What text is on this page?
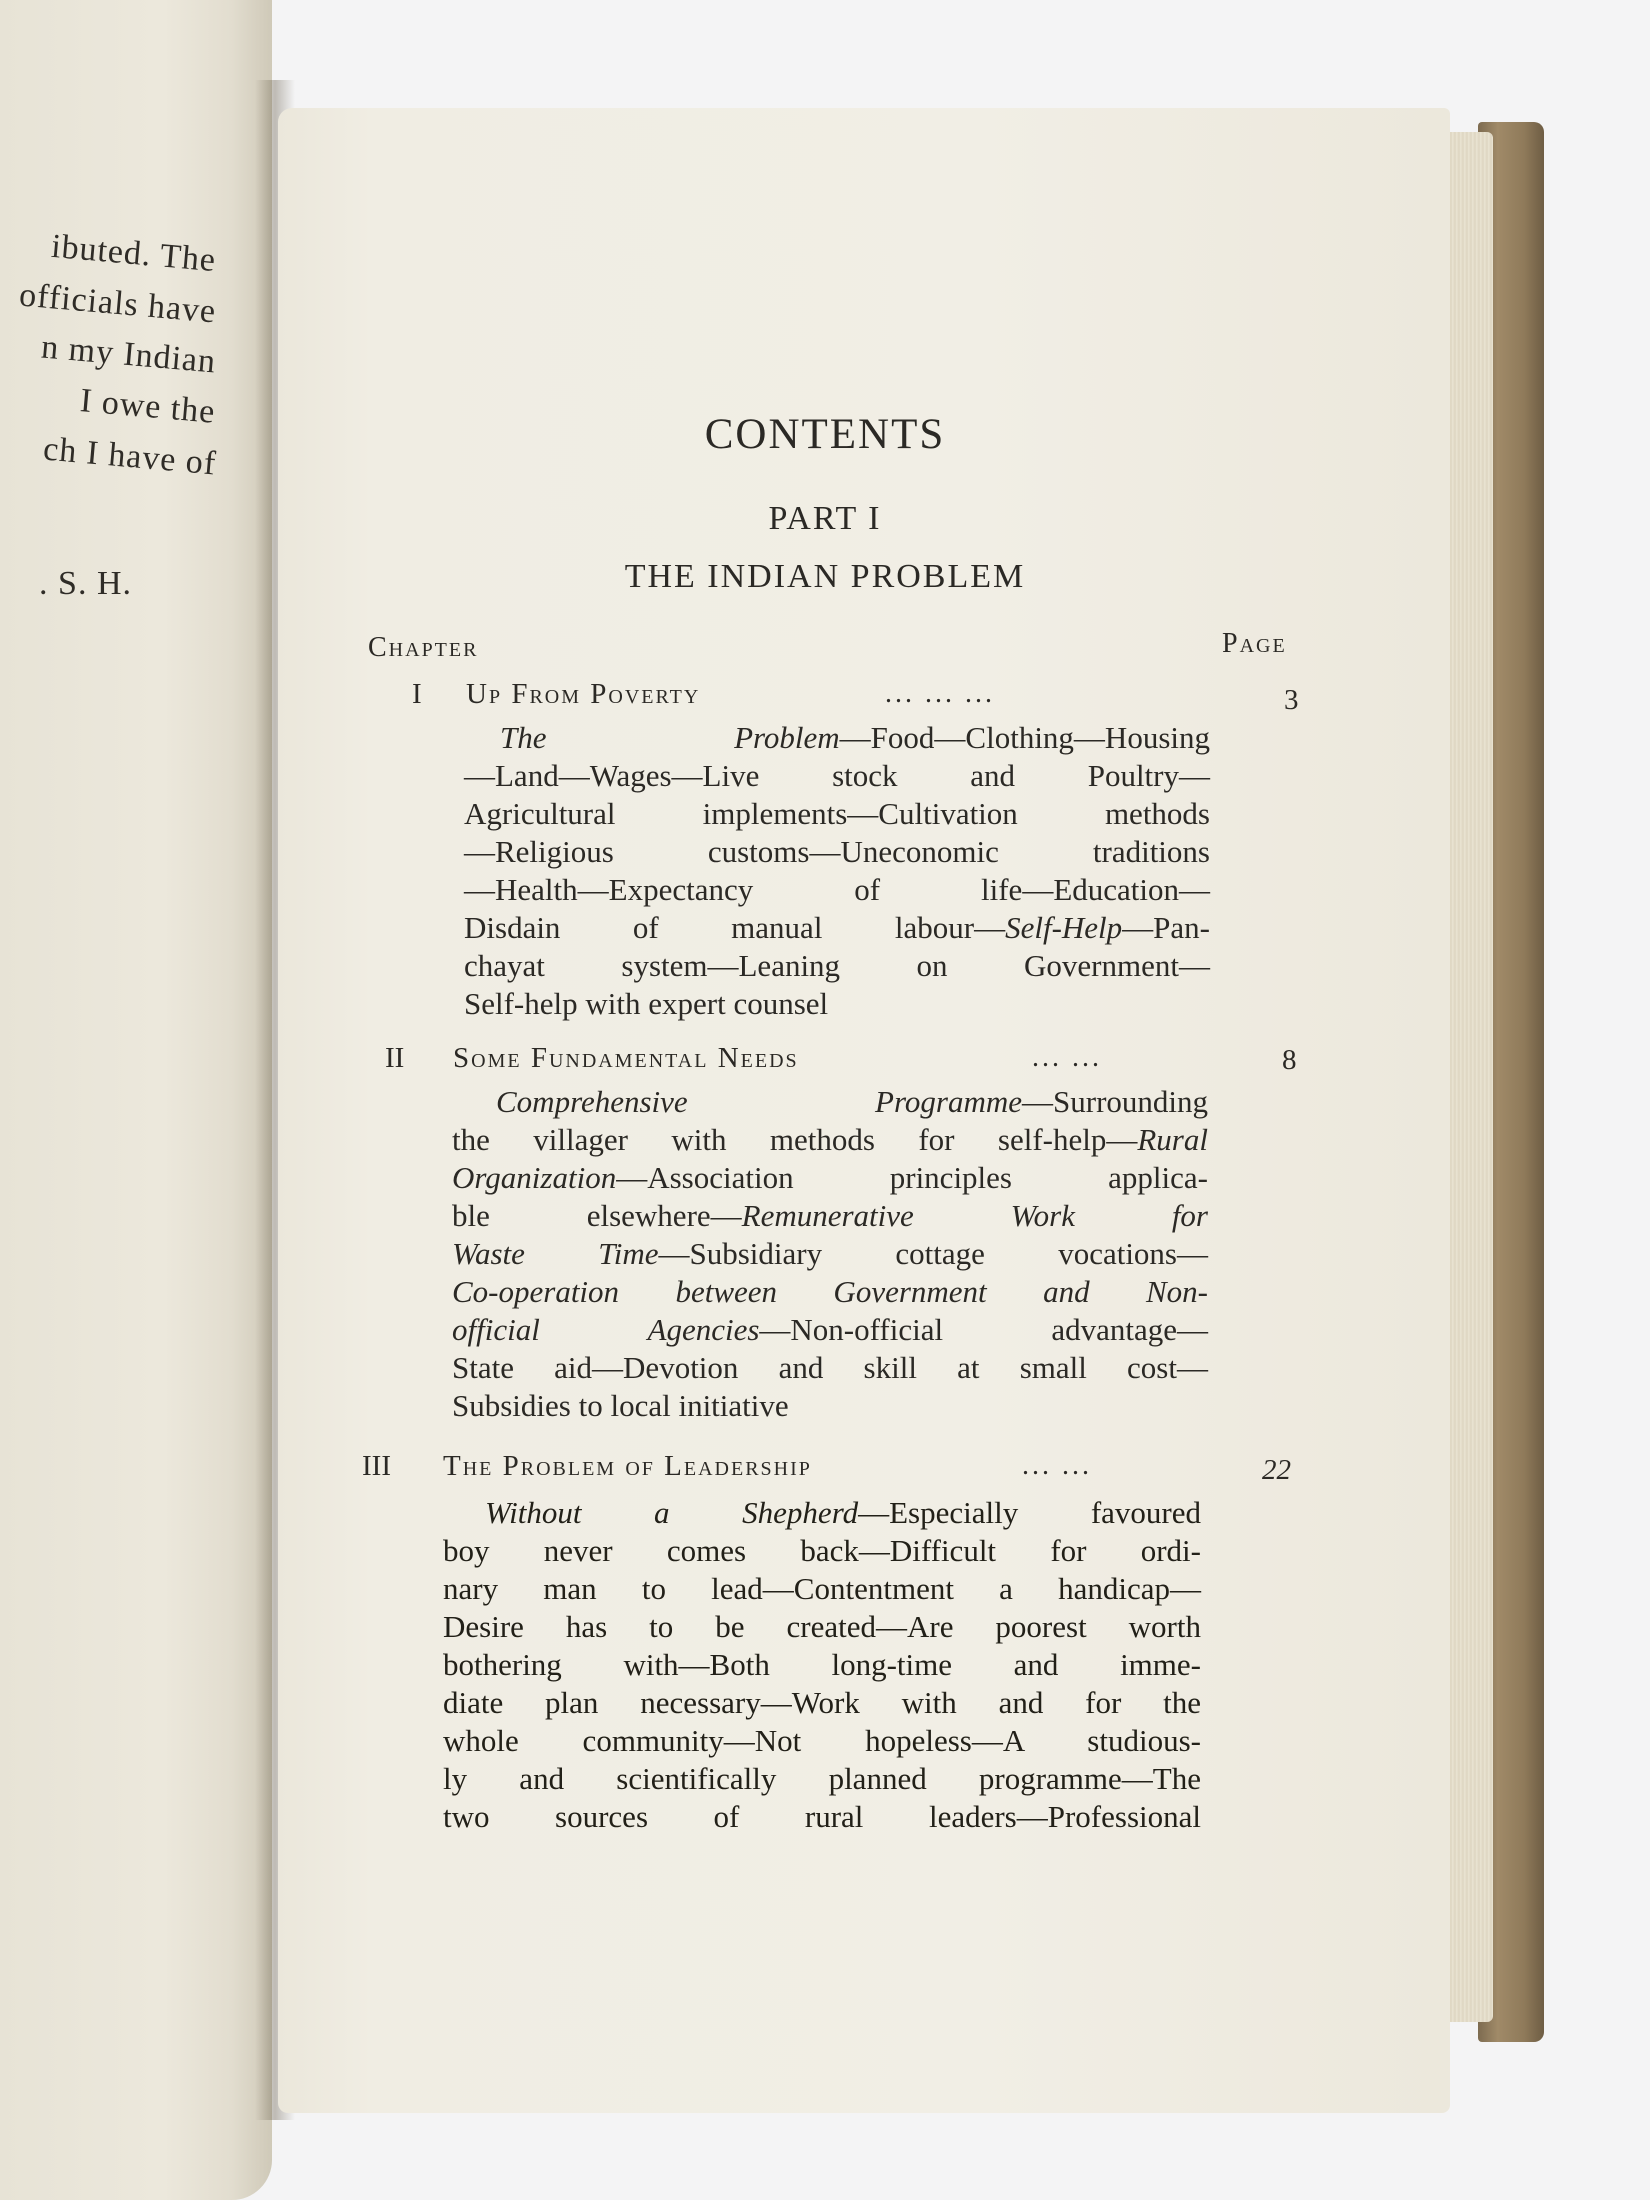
ibuted. The
officials have
n my Indian
I owe the
ch I have of
. S. H.
CONTENTS
PART I
THE INDIAN PROBLEM
Chapter	Page
I Up From Poverty	... ... ...	3
The Problem—Food—Clothing—Housing
—Land—Wages—Live stock and Poultry—
Agricultural implements—Cultivation methods
—Religious customs—Uneconomic traditions
—Health—Expectancy of life—Education—
Disdain of manual labour—Self-Help—Pan-
chayat system—Leaning on Government—
Self-help with expert counsel
II Some Fundamental Needs	... ...	8
Comprehensive Programme—Surrounding
the villager with methods for self-help—Rural
Organization—Association principles applica-
ble elsewhere—Remunerative Work for
Waste Time—Subsidiary cottage vocations—
Co-operation between Government and Non-
official Agencies—Non-official advantage—
State aid—Devotion and skill at small cost—
Subsidies to local initiative
III The Problem of Leadership	... ...	22
Without a Shepherd—Especially favoured
boy never comes back—Difficult for ordi-
nary man to lead—Contentment a handicap—
Desire has to be created—Are poorest worth
bothering with—Both long-time and imme-
diate plan necessary—Work with and for the
whole community—Not hopeless—A studious-
ly and scientifically planned programme—The
two sources of rural leaders—Professional
